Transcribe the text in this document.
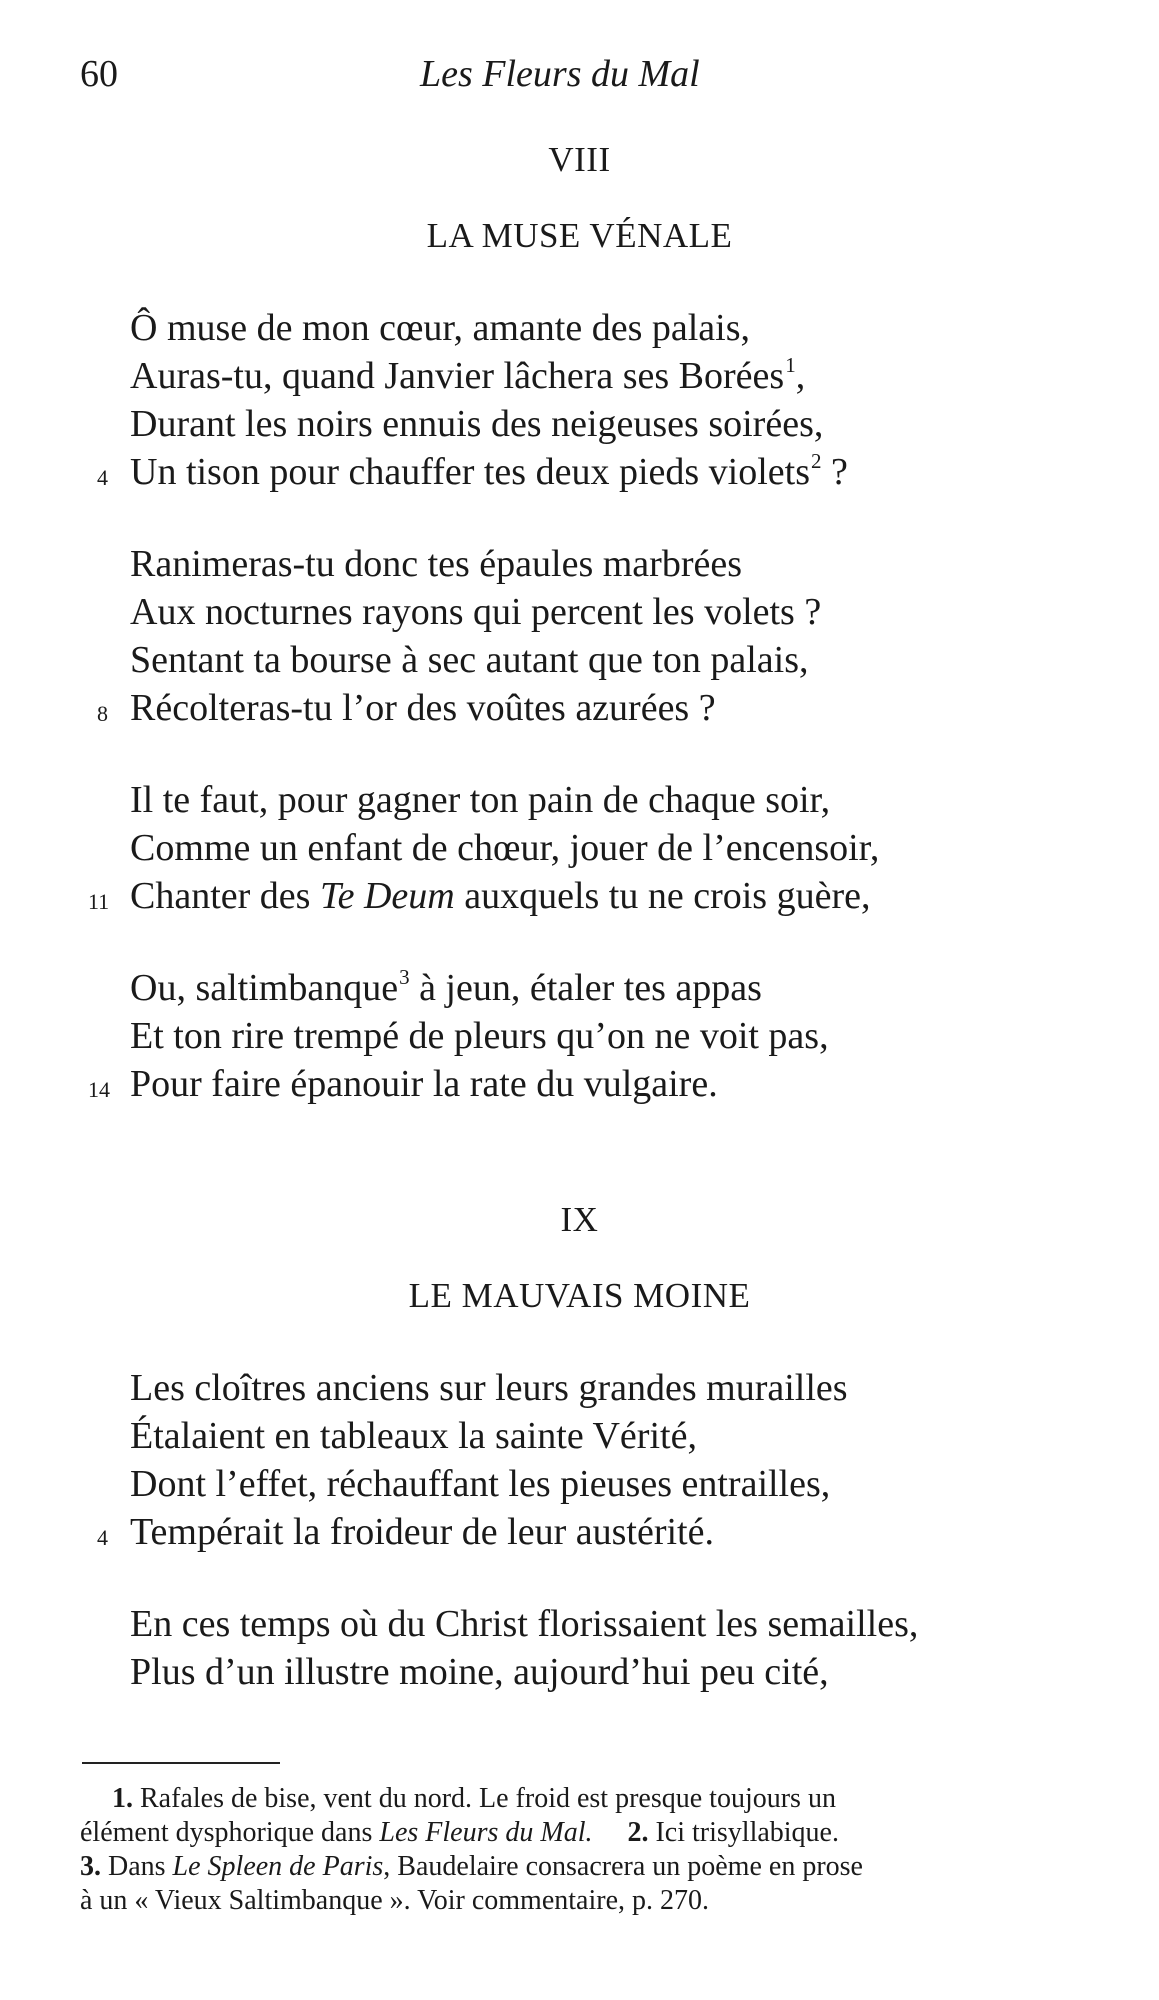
60	Les Fleurs du Mal
VIII
LA MUSE VÉNALE
Ô muse de mon cœur, amante des palais,
Auras-tu, quand Janvier lâchera ses Borées$^1$,
Durant les noirs ennuis des neigeuses soirées,
4 Un tison pour chauffer tes deux pieds violets$^2$ ?
Ranimeras-tu donc tes épaules marbrées
Aux nocturnes rayons qui percent les volets ?
Sentant ta bourse à sec autant que ton palais,
8 Récolteras-tu l’or des voûtes azurées ?
Il te faut, pour gagner ton pain de chaque soir,
Comme un enfant de chœur, jouer de l’encensoir,
11 Chanter des Te Deum auxquels tu ne crois guère,
Ou, saltimbanque$^3$ à jeun, étaler tes appas
Et ton rire trempé de pleurs qu’on ne voit pas,
14 Pour faire épanouir la rate du vulgaire.
IX
LE MAUVAIS MOINE
Les cloîtres anciens sur leurs grandes murailles
Étalaient en tableaux la sainte Vérité,
Dont l’effet, réchauffant les pieuses entrailles,
4 Tempérait la froideur de leur austérité.
En ces temps où du Christ florissaient les semailles,
Plus d’un illustre moine, aujourd’hui peu cité,
1. Rafales de bise, vent du nord. Le froid est presque toujours un
élément dysphorique dans Les Fleurs du Mal. 2. Ici trisyllabique.
3. Dans Le Spleen de Paris, Baudelaire consacrera un poème en prose
à un « Vieux Saltimbanque ». Voir commentaire, p. 270.
